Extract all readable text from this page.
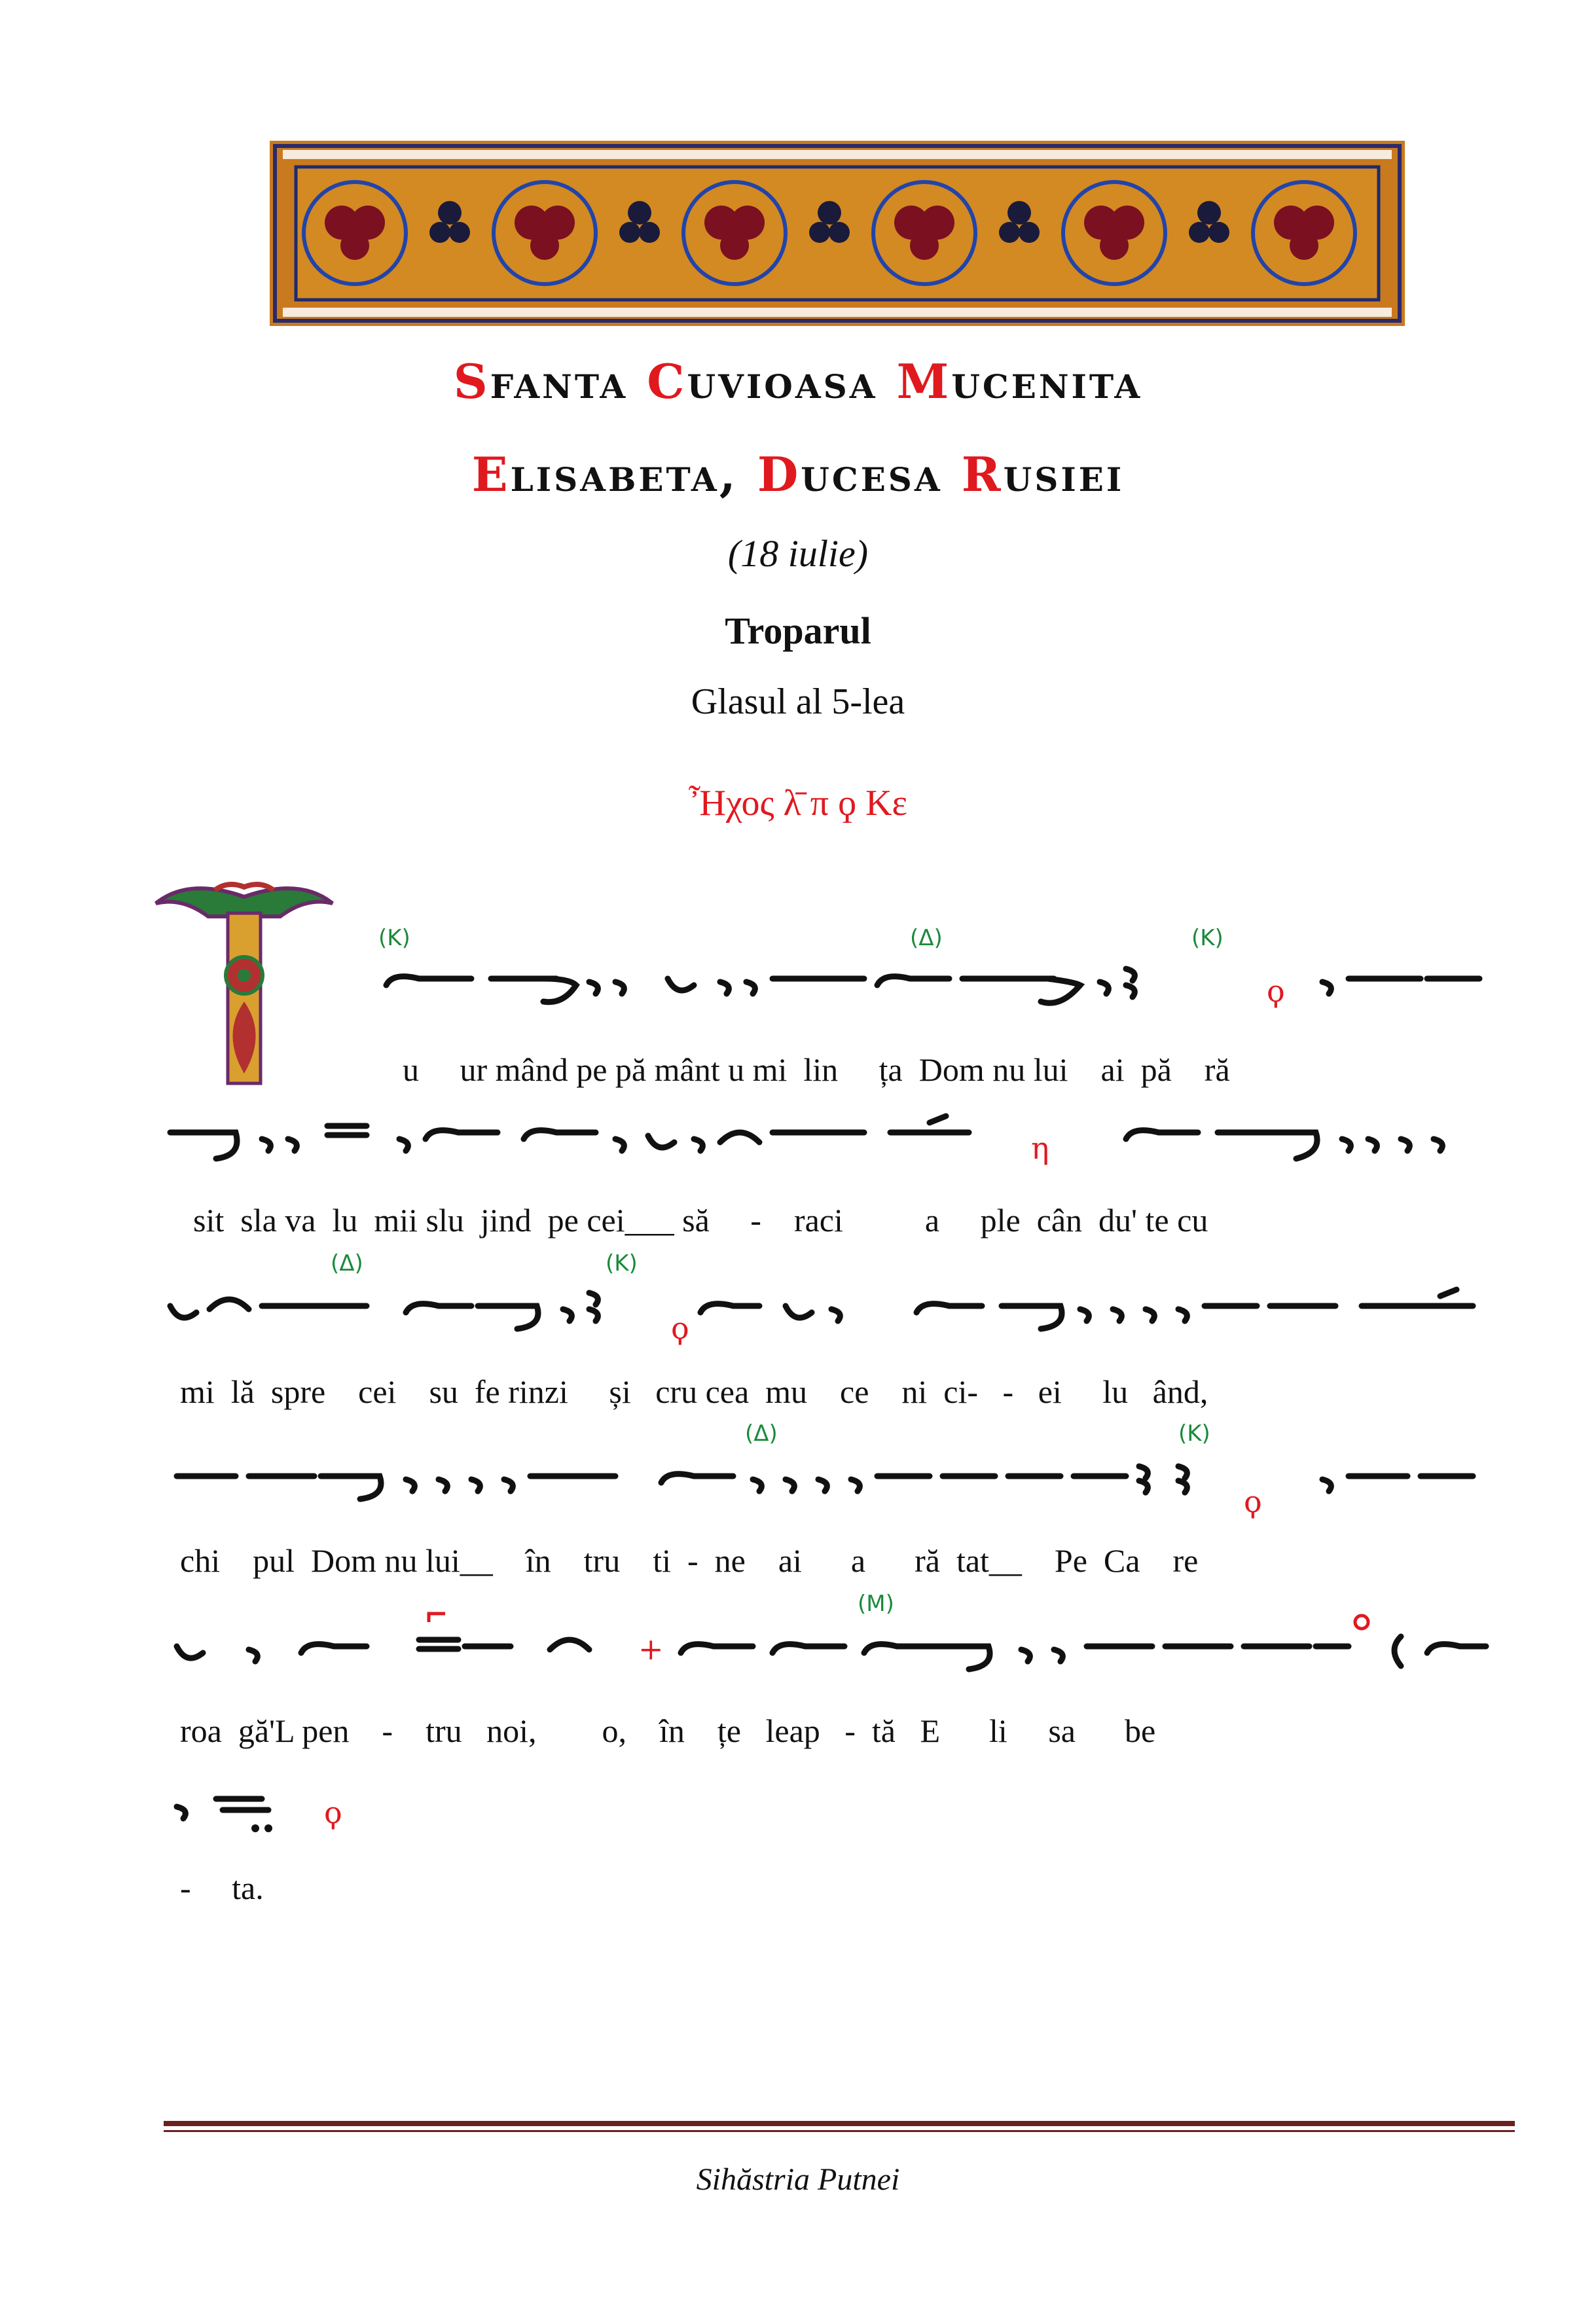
Sfanta Cuvioasa Mucenita
Elisabeta, Ducesa Rusiei
(18 iulie)
Troparul
Glasul al 5-lea
Ἦχος λ̄ π ϙ Κε
ϙ
η
ϙ
ϙ
+
ϙ
(Κ)	(Δ)	(Κ)
(Δ)	(Κ)
(Δ)	(Κ)
(Μ)
u     ur mând pe pă mânt u mi  lin     ța  Dom nu lui    ai  pă    ră
sit  sla va  lu  mii slu  jind  pe cei___ să     -    raci          a     ple  cân  du' te cu
mi  lă  spre    cei    su  fe rinzi     și   cru cea  mu    ce    ni  ci-   -   ei     lu   ând,
chi    pul  Dom nu lui__    în    tru    ti  -  ne    ai      a      ră  tat__    Pe  Ca    re
roa  gă'L pen    -    tru   noi,        o,    în    țe   leap   -  tă   E      li     sa      be
-     ta.
Sihăstria Putnei
